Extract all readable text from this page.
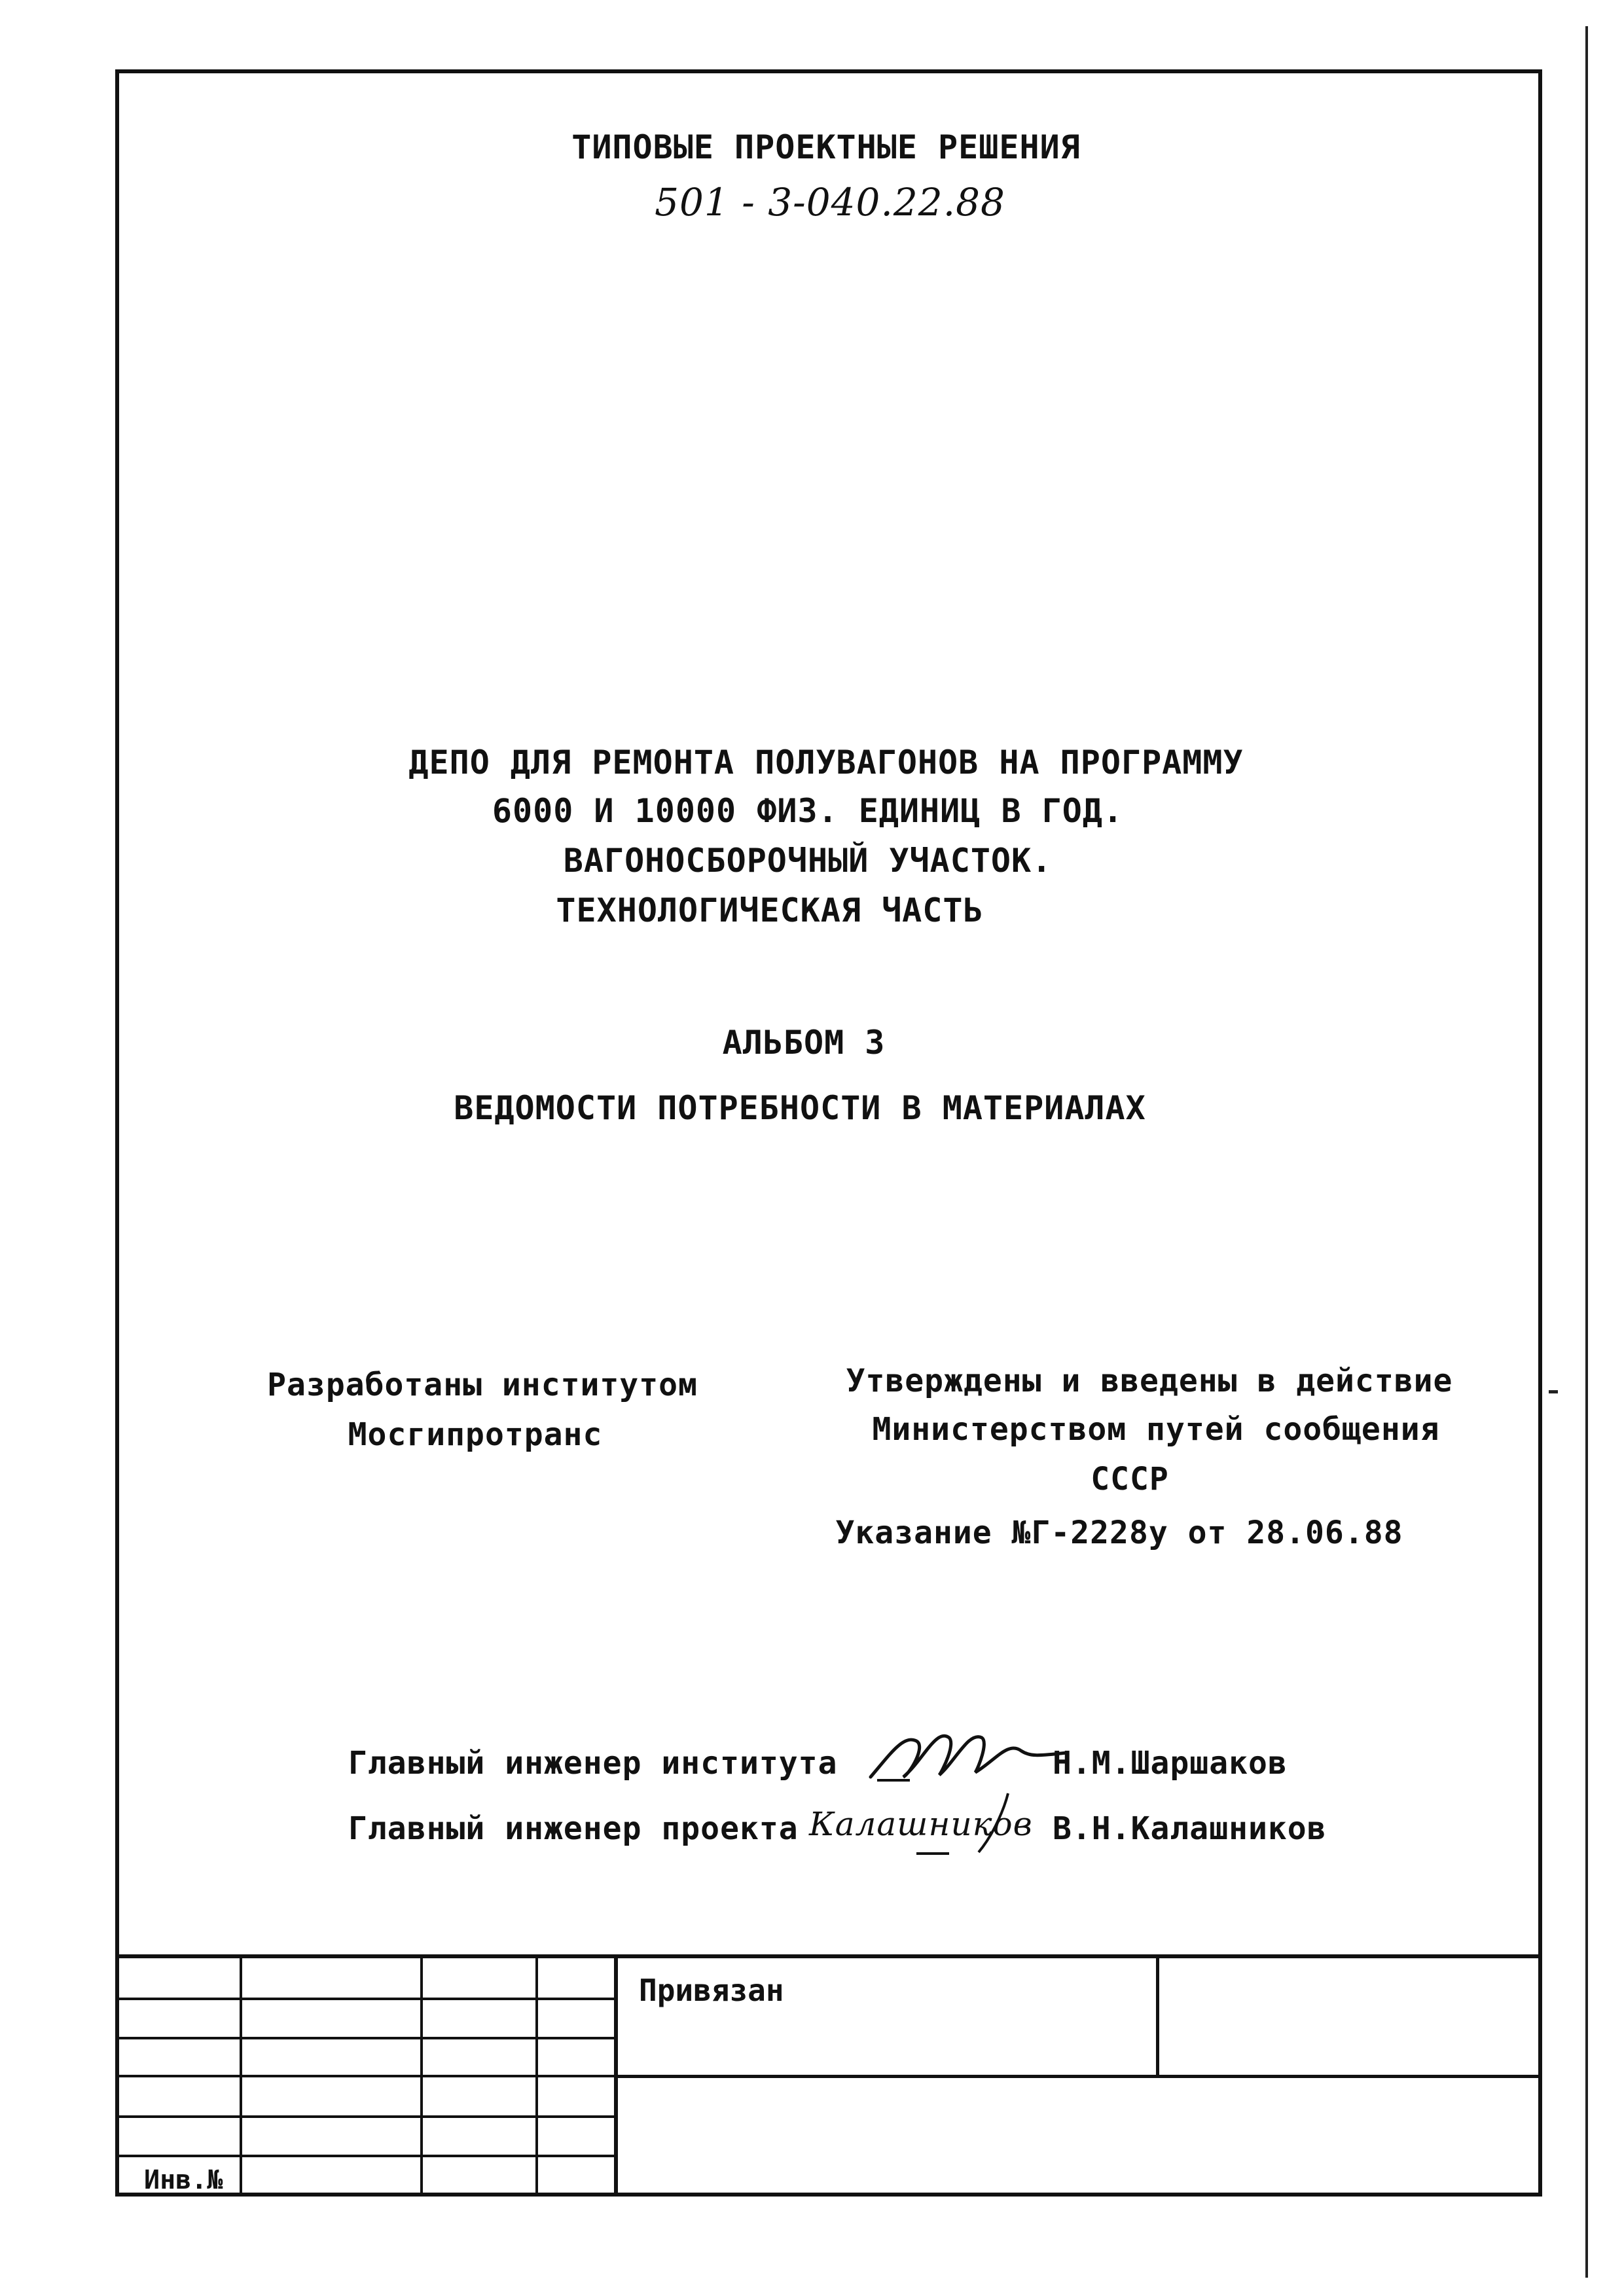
ТИПОВЫЕ ПРОЕКТНЫЕ РЕШЕНИЯ
501 - 3-040.22.88
ДЕПО ДЛЯ РЕМОНТА ПОЛУВАГОНОВ НА ПРОГРАММУ
6000 И 10000 ФИЗ. ЕДИНИЦ В ГОД.
ВАГОНОСБОРОЧНЫЙ УЧАСТОК.
ТЕХНОЛОГИЧЕСКАЯ ЧАСТЬ
АЛЬБОМ 3
ВЕДОМОСТИ ПОТРЕБНОСТИ В МАТЕРИАЛАХ
Разработаны институтом
Мосгипротранс
Утверждены и введены в действие
Министерством путей сообщения
СССР
Указание №Г-2228у от 28.06.88
Главный инженер института	Н.М.Шаршаков
Главный инженер проекта Калашников В.Н.Калашников
Привязан
Инв.№
